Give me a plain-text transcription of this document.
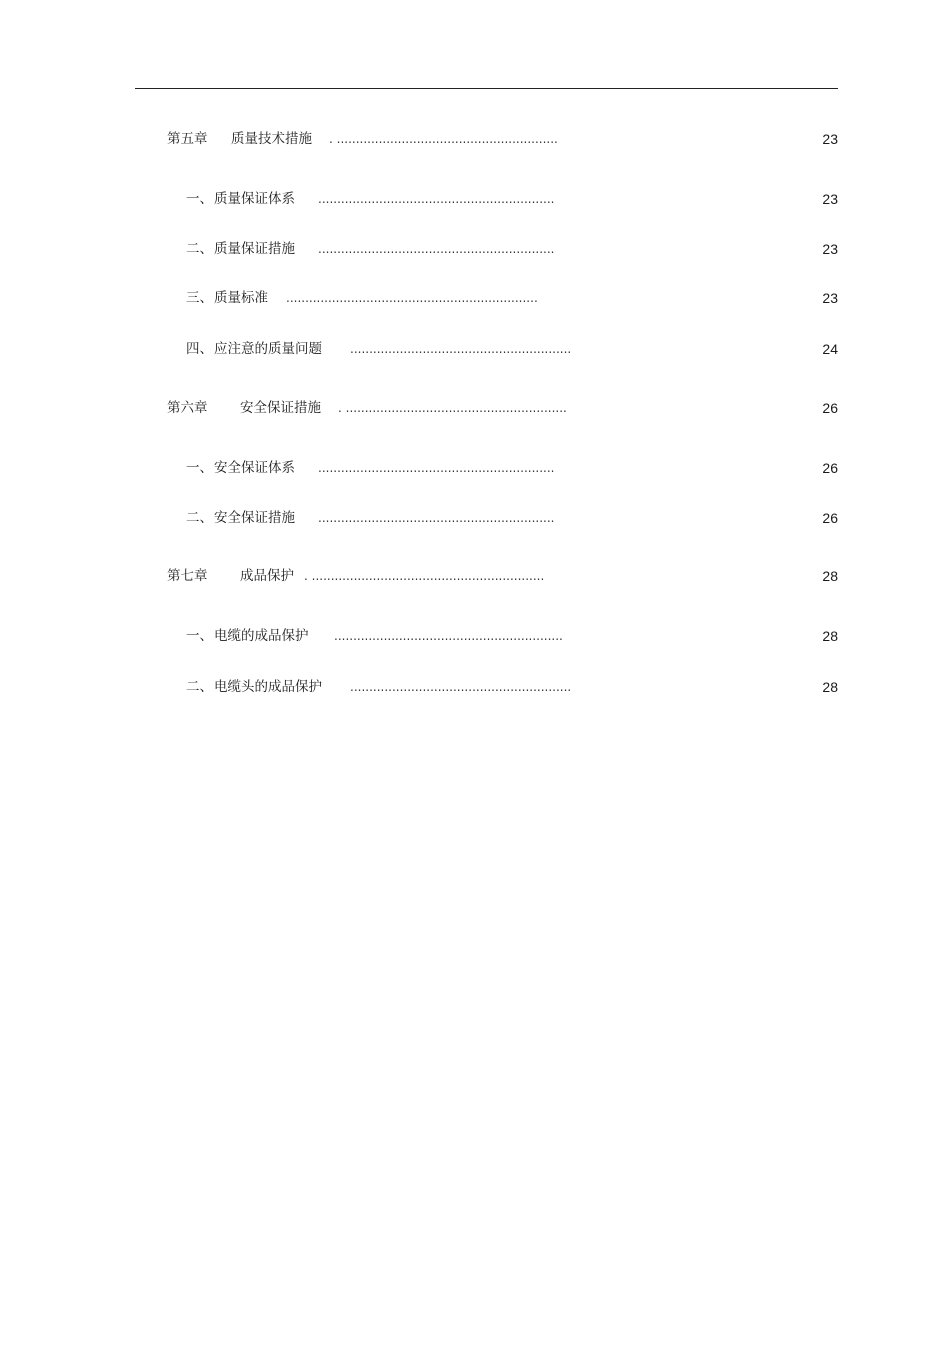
第五章 质量技术措施 . ..........................................................	23
一、 质量保证体系 ..............................................................	23
二、 质量保证措施 ..............................................................	23
三、 质量标准 ..................................................................	23
四、 应注意的质量问题 ..........................................................	24
第六章 安全保证措施 . ..........................................................	26
一、 安全保证体系 ..............................................................	26
二、 安全保证措施 ..............................................................	26
第七章 成品保护 . .............................................................	28
一、 电缆的成品保护 ............................................................	28
二、 电缆头的成品保护 ..........................................................	28
